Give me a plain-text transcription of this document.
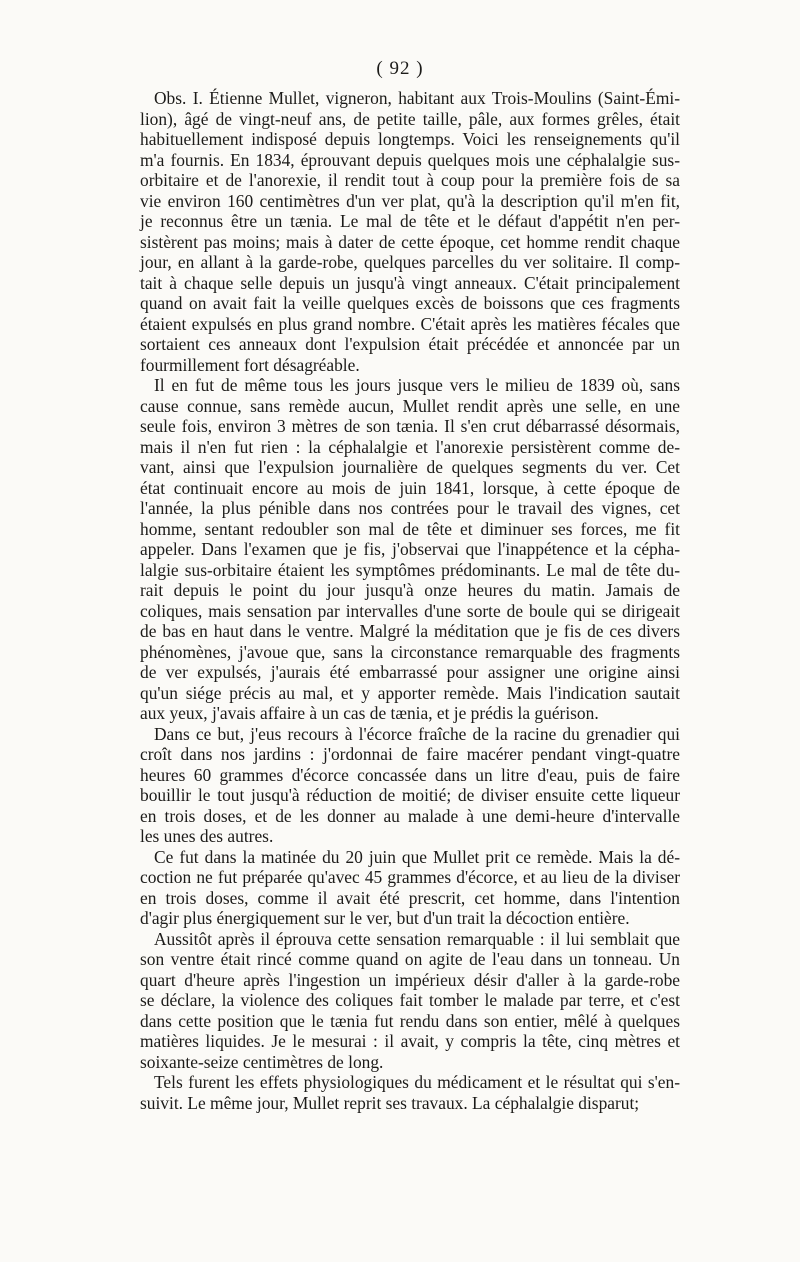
( 92 )
Obs. I. Étienne Mullet, vigneron, habitant aux Trois-Moulins (Saint-Émi-
lion), âgé de vingt-neuf ans, de petite taille, pâle, aux formes grêles, était
habituellement indisposé depuis longtemps. Voici les renseignements qu'il
m'a fournis. En 1834, éprouvant depuis quelques mois une céphalalgie sus-
orbitaire et de l'anorexie, il rendit tout à coup pour la première fois de sa
vie environ 160 centimètres d'un ver plat, qu'à la description qu'il m'en fit,
je reconnus être un tænia. Le mal de tête et le défaut d'appétit n'en per-
sistèrent pas moins; mais à dater de cette époque, cet homme rendit chaque
jour, en allant à la garde-robe, quelques parcelles du ver solitaire. Il comp-
tait à chaque selle depuis un jusqu'à vingt anneaux. C'était principalement
quand on avait fait la veille quelques excès de boissons que ces fragments
étaient expulsés en plus grand nombre. C'était après les matières fécales que
sortaient ces anneaux dont l'expulsion était précédée et annoncée par un
fourmillement fort désagréable.
Il en fut de même tous les jours jusque vers le milieu de 1839 où, sans
cause connue, sans remède aucun, Mullet rendit après une selle, en une
seule fois, environ 3 mètres de son tænia. Il s'en crut débarrassé désormais,
mais il n'en fut rien : la céphalalgie et l'anorexie persistèrent comme de-
vant, ainsi que l'expulsion journalière de quelques segments du ver. Cet
état continuait encore au mois de juin 1841, lorsque, à cette époque de
l'année, la plus pénible dans nos contrées pour le travail des vignes, cet
homme, sentant redoubler son mal de tête et diminuer ses forces, me fit
appeler. Dans l'examen que je fis, j'observai que l'inappétence et la cépha-
lalgie sus-orbitaire étaient les symptômes prédominants. Le mal de tête du-
rait depuis le point du jour jusqu'à onze heures du matin. Jamais de
coliques, mais sensation par intervalles d'une sorte de boule qui se dirigeait
de bas en haut dans le ventre. Malgré la méditation que je fis de ces divers
phénomènes, j'avoue que, sans la circonstance remarquable des fragments
de ver expulsés, j'aurais été embarrassé pour assigner une origine ainsi
qu'un siége précis au mal, et y apporter remède. Mais l'indication sautait
aux yeux, j'avais affaire à un cas de tænia, et je prédis la guérison.
Dans ce but, j'eus recours à l'écorce fraîche de la racine du grenadier qui
croît dans nos jardins : j'ordonnai de faire macérer pendant vingt-quatre
heures 60 grammes d'écorce concassée dans un litre d'eau, puis de faire
bouillir le tout jusqu'à réduction de moitié; de diviser ensuite cette liqueur
en trois doses, et de les donner au malade à une demi-heure d'intervalle
les unes des autres.
Ce fut dans la matinée du 20 juin que Mullet prit ce remède. Mais la dé-
coction ne fut préparée qu'avec 45 grammes d'écorce, et au lieu de la diviser
en trois doses, comme il avait été prescrit, cet homme, dans l'intention
d'agir plus énergiquement sur le ver, but d'un trait la décoction entière.
Aussitôt après il éprouva cette sensation remarquable : il lui semblait que
son ventre était rincé comme quand on agite de l'eau dans un tonneau. Un
quart d'heure après l'ingestion un impérieux désir d'aller à la garde-robe
se déclare, la violence des coliques fait tomber le malade par terre, et c'est
dans cette position que le tænia fut rendu dans son entier, mêlé à quelques
matières liquides. Je le mesurai : il avait, y compris la tête, cinq mètres et
soixante-seize centimètres de long.
Tels furent les effets physiologiques du médicament et le résultat qui s'en-
suivit. Le même jour, Mullet reprit ses travaux. La céphalalgie disparut;
